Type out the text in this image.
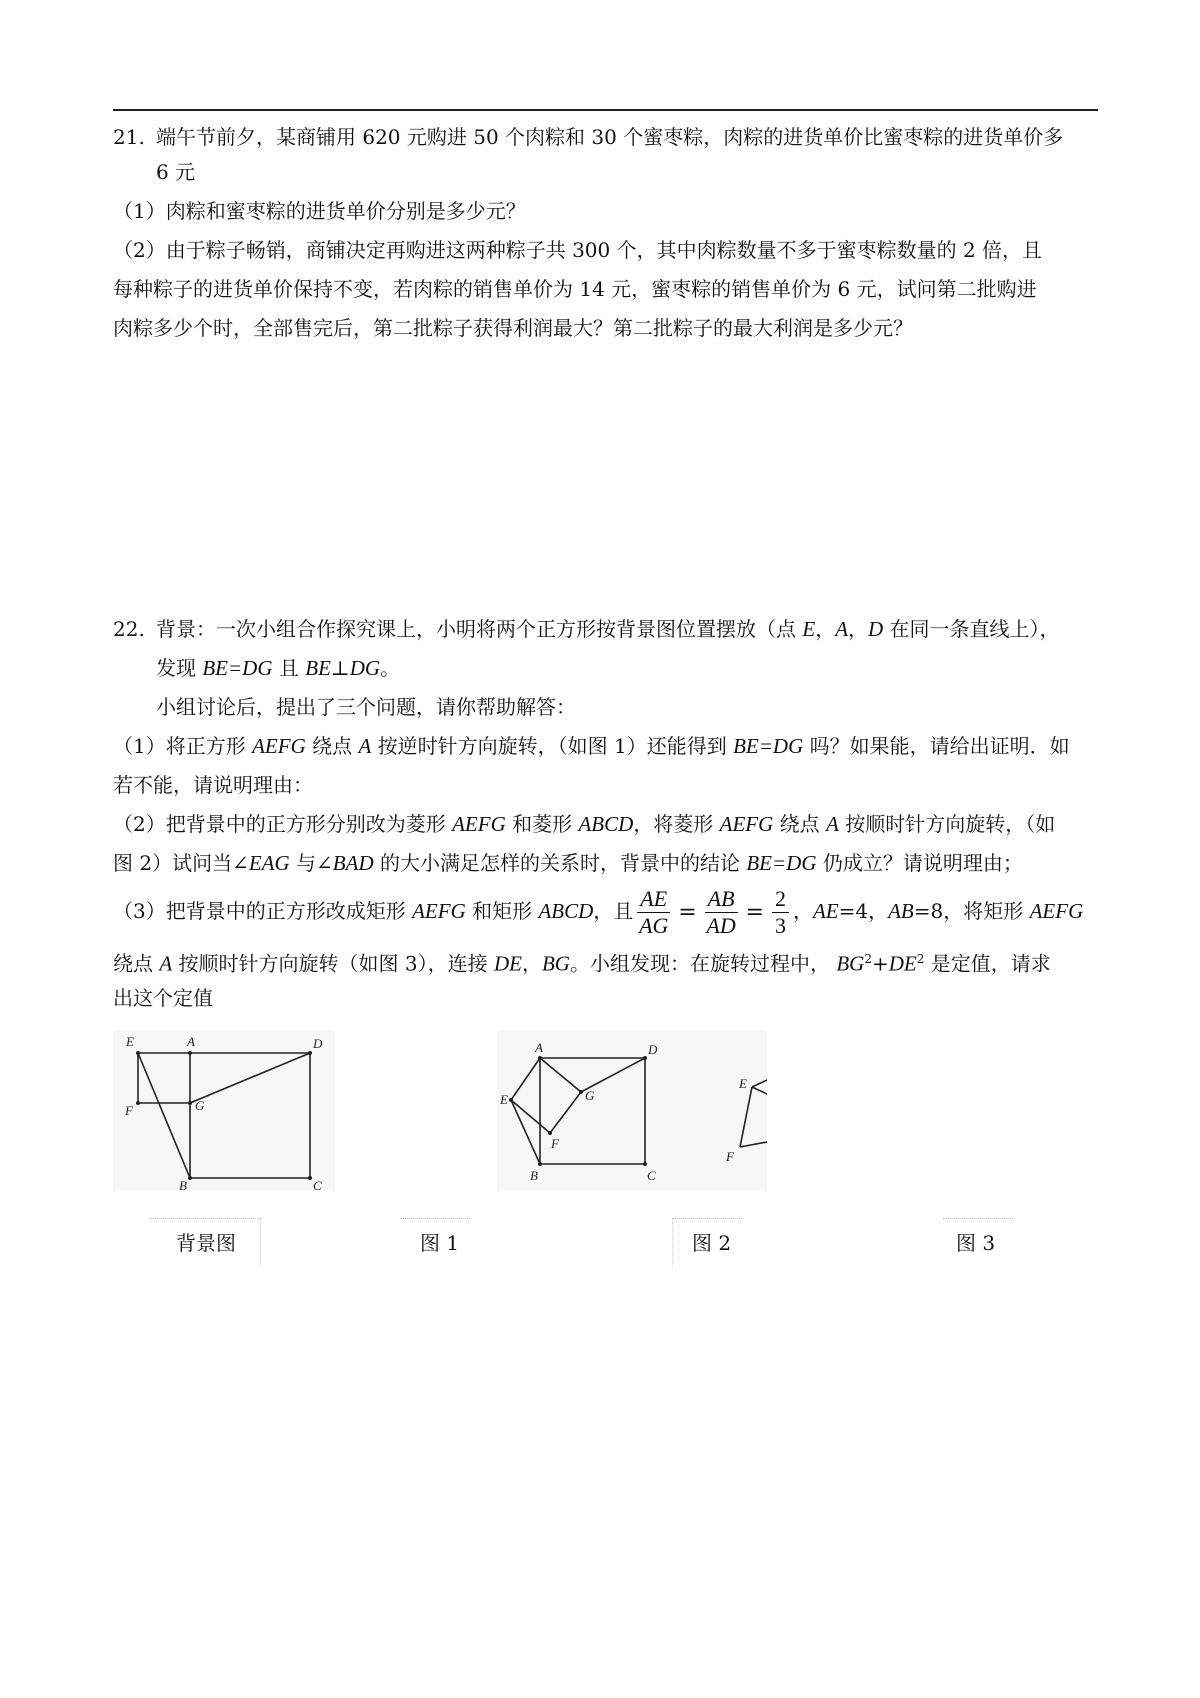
21. 端午节前夕，某商铺用 620 元购进 50 个肉粽和 30 个蜜枣粽，肉粽的进货单价比蜜枣粽的进货单价多
6 元
（1）肉粽和蜜枣粽的进货单价分别是多少元？
（2）由于粽子畅销，商铺决定再购进这两种粽子共 300 个，其中肉粽数量不多于蜜枣粽数量的 2 倍，且
每种粽子的进货单价保持不变，若肉粽的销售单价为 14 元，蜜枣粽的销售单价为 6 元，试问第二批购进
肉粽多少个时，全部售完后，第二批粽子获得利润最大？第二批粽子的最大利润是多少元？
22. 背景：一次小组合作探究课上，小明将两个正方形按背景图位置摆放（点 E，A，D 在同一条直线上），
发现 BE=DG 且 BE⊥DG。
小组讨论后，提出了三个问题，请你帮助解答：
（1）将正方形 AEFG 绕点 A 按逆时针方向旋转，（如图 1）还能得到 BE=DG 吗？如果能，请给出证明．如
若不能，请说明理由：
（2）把背景中的正方形分别改为菱形 AEFG 和菱形 ABCD，将菱形 AEFG 绕点 A 按顺时针方向旋转，（如
图 2）试问当∠EAG 与∠BAD 的大小满足怎样的关系时，背景中的结论 BE=DG 仍成立？请说明理由；
（3）把背景中的正方形改成矩形 AEFG 和矩形 ABCD，且 $\frac{AE}{AG} = \frac{AB}{AD} = \frac{2}{3}$ ，AE=4，AB=8，将矩形 AEFG
绕点 A 按顺时针方向旋转（如图 3），连接 DE，BG。小组发现：在旋转过程中， $BG^2+DE^2$ 是定值，请求
出这个定值
E	A	D
F	G
B	C
A	D
E	G
F
B	C
E
F
背景图	图 1	图 2	图 3
